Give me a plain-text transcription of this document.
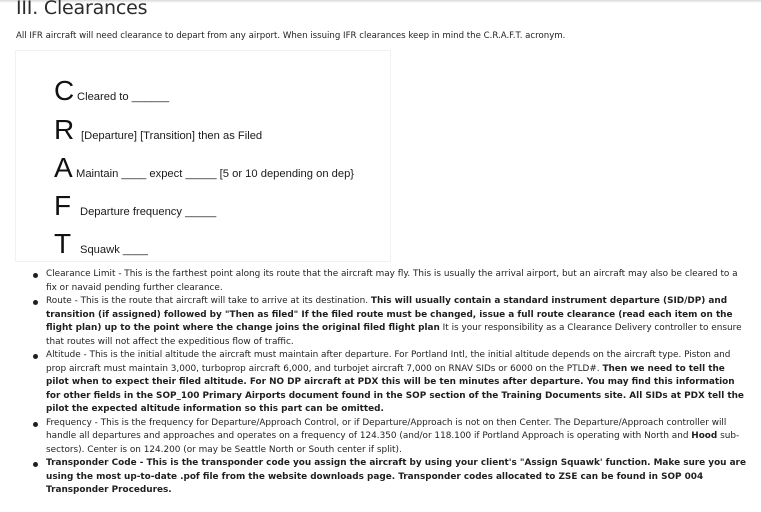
III. Clearances

All IFR aircraft will need clearance to depart from any airport. When issuing IFR clearances keep in mind the C.R.A.F.T. acronym.

C Cleared to ______
R [Departure] [Transition] then as Filed
A Maintain ____ expect _____ [5 or 10 depending on dep}
F Departure frequency _____
T Squawk ____
Clearance Limit - This is the farthest point along its route that the aircraft may fly. This is usually the arrival airport, but an aircraft may also be cleared to a fix or navaid pending further clearance.
Route - This is the route that aircraft will take to arrive at its destination. This will usually contain a standard instrument departure (SID/DP) and transition (if assigned) followed by "Then as filed" If the filed route must be changed, issue a full route clearance (read each item on the flight plan) up to the point where the change joins the original filed flight plan It is your responsibility as a Clearance Delivery controller to ensure that routes will not affect the expeditious flow of traffic.
Altitude - This is the initial altitude the aircraft must maintain after departure. For Portland Intl, the initial altitude depends on the aircraft type. Piston and prop aircraft must maintain 3,000, turboprop aircraft 6,000, and turbojet aircraft 7,000 on RNAV SIDs or 6000 on the PTLD#. Then we need to tell the pilot when to expect their filed altitude. For NO DP aircraft at PDX this will be ten minutes after departure. You may find this information for other fields in the SOP_100 Primary Airports document found in the SOP section of the Training Documents site. All SIDs at PDX tell the pilot the expected altitude information so this part can be omitted.
Frequency - This is the frequency for Departure/Approach Control, or if Departure/Approach is not on then Center. The Departure/Approach controller will handle all departures and approaches and operates on a frequency of 124.350 (and/or 118.100 if Portland Approach is operating with North and Hood sub-sectors). Center is on 124.200 (or may be Seattle North or South center if split).
Transponder Code - This is the transponder code you assign the aircraft by using your client's "Assign Squawk' function. Make sure you are using the most up-to-date .pof file from the website downloads page. Transponder codes allocated to ZSE can be found in SOP 004 Transponder Procedures.
